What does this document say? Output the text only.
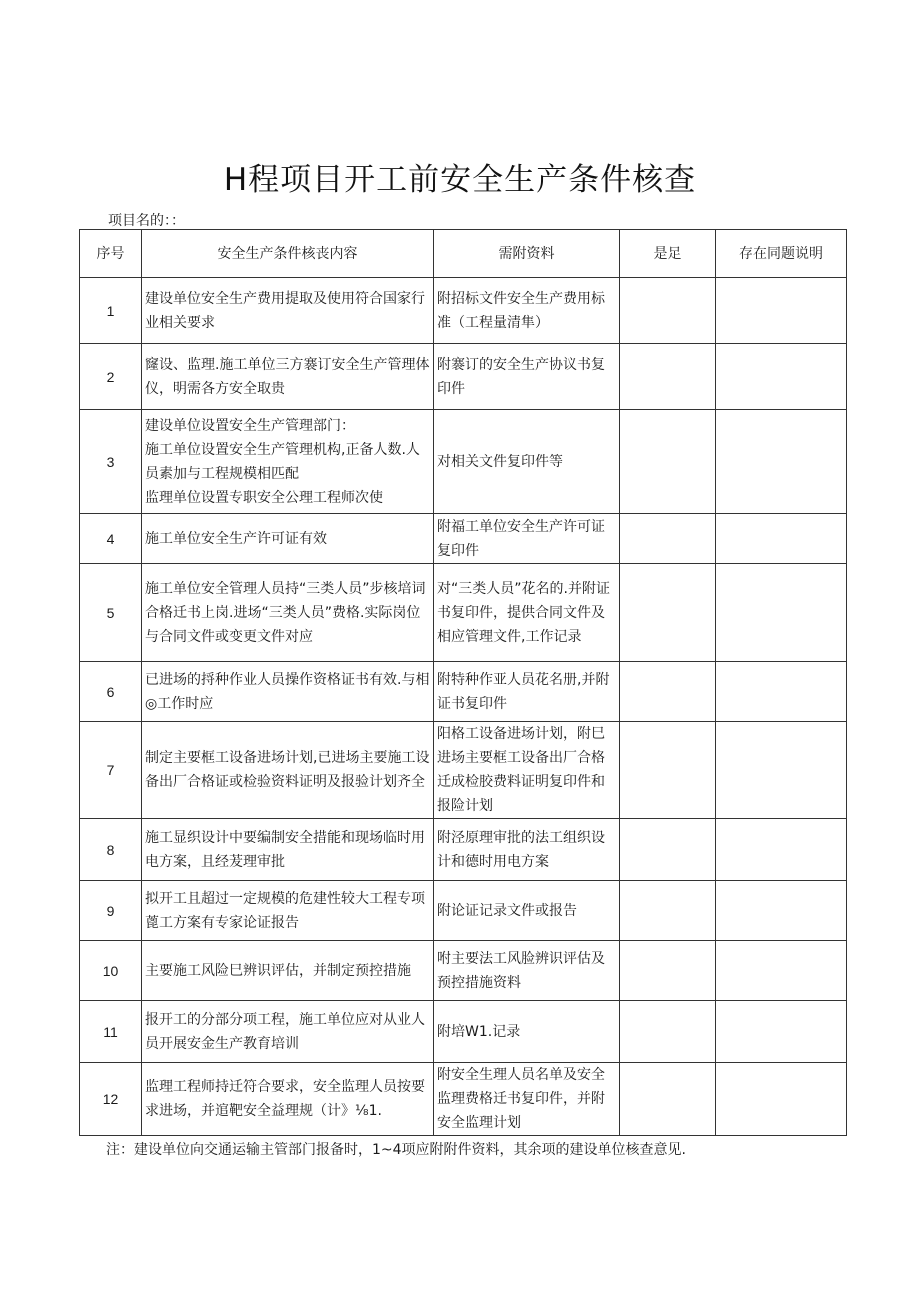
H程项目开工前安全生产条件核查
项目名的：：
序号	安全生产条件核丧内容	需附资料	是足	存在同题说明
1	建设单位安全生产费用提取及使用符合国家行业相关要求	附招标文件安全生产费用标准（工程量清隼）		
2	窿设、监理.施工单位三方褰订安全生产管理体仪，明需各方安全取贵	附褰订的安全生产协议书复印件		
3	建设单位设置安全生产管理部门：
施工单位设置安全生产管理机构,正备人数.人员素加与工程规模相匹配
监理单位设置专职安全公理工程师次使	对相关文件复印件等		
4	施工单位安全生产许可证有效	附福工单位安全生产许可证复印件		
5	施工单位安全管理人员持“三类人员”步核培词合格迁书上岗.进场“三类人员”费格.实际岗位与合同文件或变更文件对应	对“三类人员”花名的.并附证书复印件，提供合同文件及相应管理文件,工作记录		
6	已进场的捋种作业人员操作资格证书有效.与相◎工作时应	附特种作亚人员花名册,并附证书复印件		
7	制定主要框工设备进场计划,已进场主要施工设备出厂合格证或检验资料证明及报验计划齐全	阳格工设备进场计划，附巳进场主要框工设备出厂合格迁成检胶费料证明复印件和报险计划		
8	施工显织设计中要编制安全措能和现场临时用电方案，且经茇理审批	附泾原理审批的法工组织设计和德时用电方案		
9	拟开工且超过一定规模的危建性较大工程专项蓖工方案有专家论证报告	附论证记录文件或报告		
10	主要施工风险巳辨识评估，并制定预控措施	咐主要法工风脸辨识评估及预控措施资料		
11	报开工的分部分项工程，施工单位应对从业人员开展安金生产教育培训	附培W1.记录		
12	监理工程师持迁符合要求，安全监理人员按要求进场，并逭靶安全益理规（计》⅛1.	附安全生理人员名单及安全监理费格迁书复印件，并附安全监理计划		
注：建设单位向交通运输主管部门报备时，1~4项应附附件资料，其余项的建设单位核查意见.
